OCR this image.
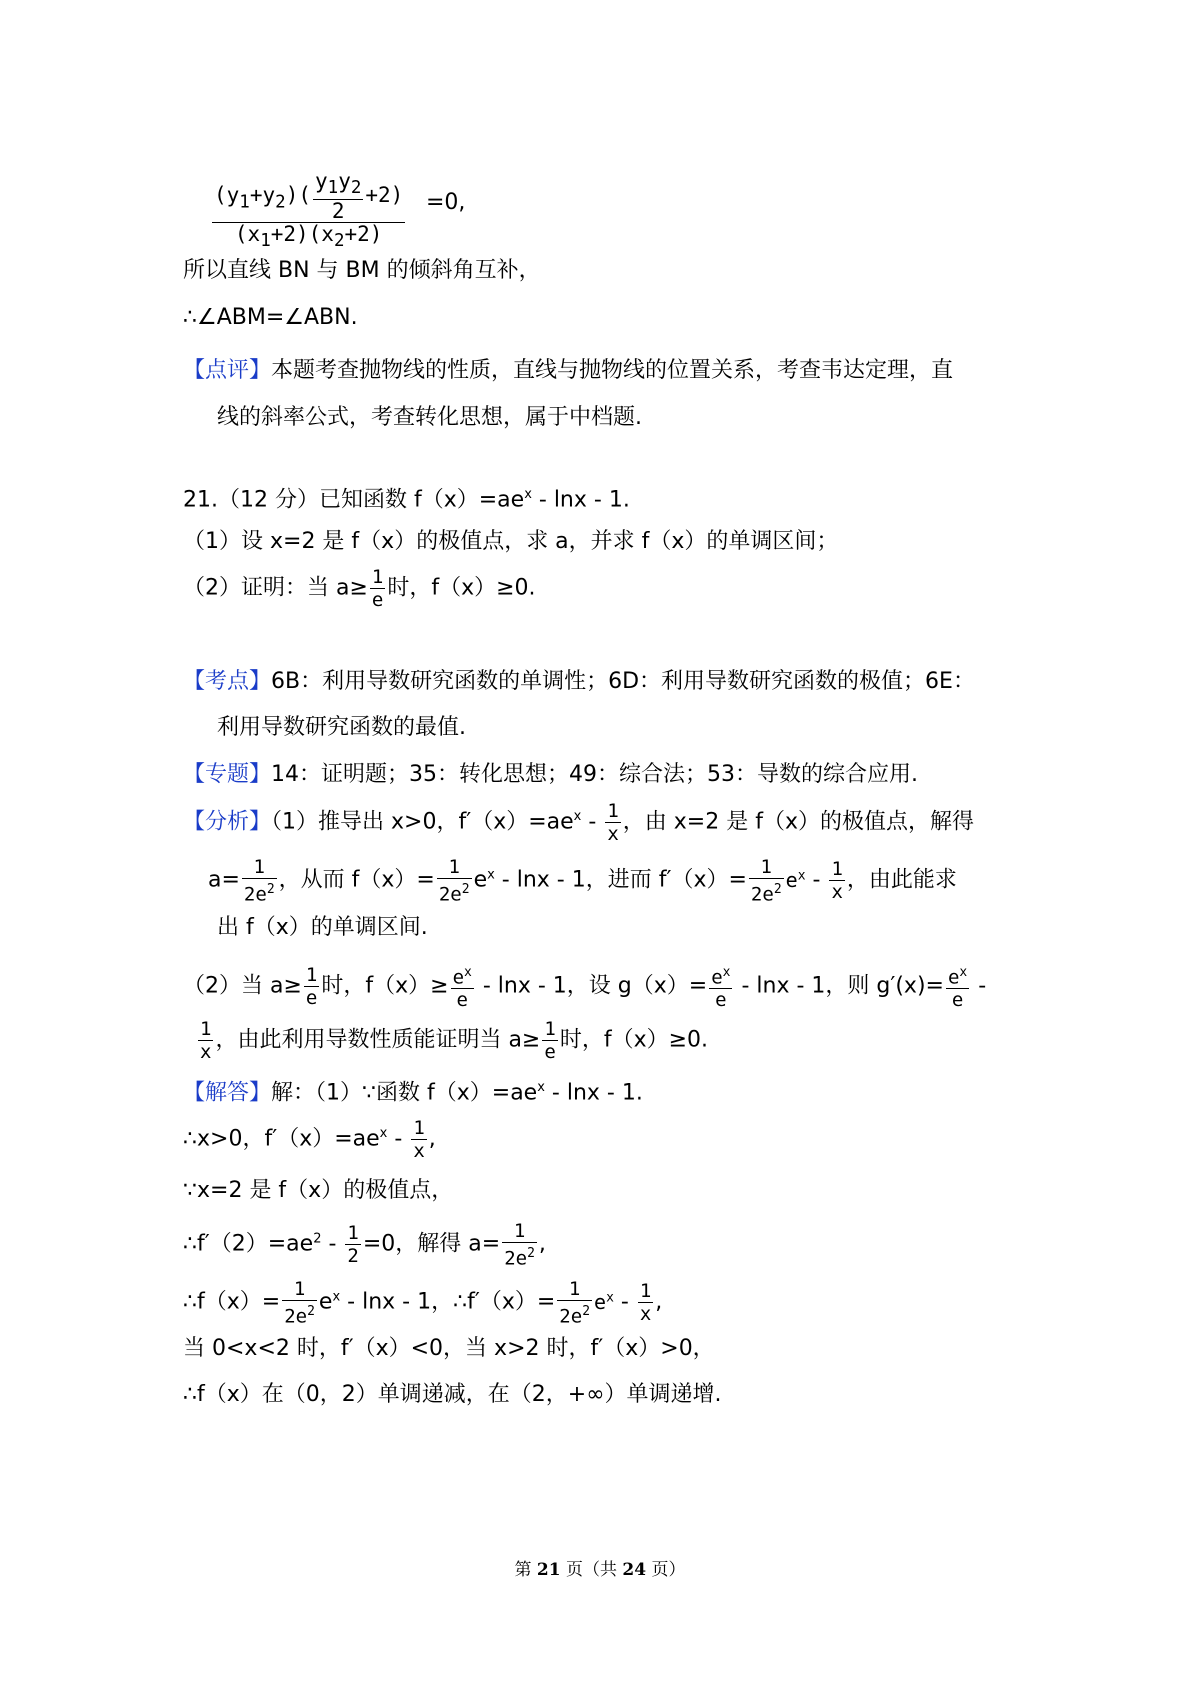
$\frac{(y_1+y_2)( \frac{y_1y_2}{2} +2)}{(x_1+2)(x_2+2)} =0$,
所以直线 BN 与 BM 的倾斜角互补，
∴∠ABM=∠ABN.
【点评】本题考查抛物线的性质，直线与抛物线的位置关系，考查韦达定理，直
线的斜率公式，考查转化思想，属于中档题.
21.（12 分）已知函数 $f(x)=ae^x - \ln x - 1$.
（1）设 x=2 是 f（x）的极值点，求 a，并求 f（x）的单调区间；
（2）证明：当 $a\ge \frac{1}{e}$ 时，f（x）≥0.
【考点】6B：利用导数研究函数的单调性；6D：利用导数研究函数的极值；6E：
利用导数研究函数的最值.
【专题】14：证明题；35：转化思想；49：综合法；53：导数的综合应用.
【分析】（1）推导出 x>0，$f'(x)=ae^x - \frac{1}{x}$ ，由 x=2 是 f（x）的极值点，解得
$a= \frac{1}{2e^2}$ ，从而 $f(x)= \frac{1}{2e^2} e^x - \ln x - 1$，进而 $f'(x)= \frac{1}{2e^2} e^x - \frac{1}{x}$ ，由此能求
出 f（x）的单调区间.
（2）当 $a\ge \frac{1}{e}$ 时，$f(x)\ge \frac{e^x}{e} - \ln x - 1$，设 $g(x)= \frac{e^x}{e} - \ln x - 1$，则 $g'(x)= \frac{e^x}{e}$ -
$\frac{1}{x}$ ，由此利用导数性质能证明当 $a\ge \frac{1}{e}$ 时，f（x）≥0.
【解答】解：（1）∵函数 $f(x)=ae^x - \ln x - 1$.
∴x>0，$f'(x)=ae^x - \frac{1}{x}$ ,
∵x=2 是 f（x）的极值点，
$\therefore f'(2)=ae^2 - \frac{1}{2} =0$，解得 $a= \frac{1}{2e^2}$ ,
∴f（x）= $\frac{1}{2e^2} e^x$ - lnx - 1，∴f′（x）= $\frac{1}{2e^2} e^x - \frac{1}{x}$ ,
当 0<x<2 时，f′（x）<0，当 x>2 时，f′（x）>0，
∴f（x）在（0，2）单调递减，在（2，+∞）单调递增.
第 21 页（共 24 页）
